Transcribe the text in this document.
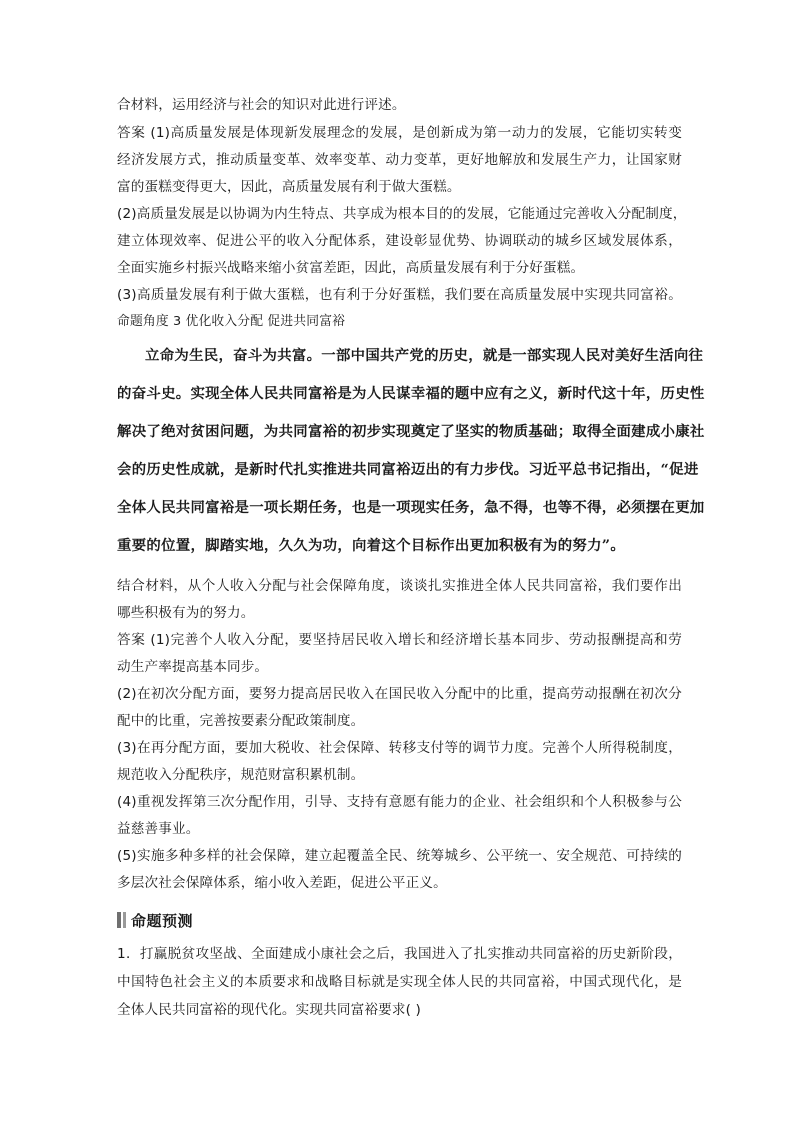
合材料，运用经济与社会的知识对此进行评述。
答案 (1)高质量发展是体现新发展理念的发展，是创新成为第一动力的发展，它能切实转变
经济发展方式，推动质量变革、效率变革、动力变革，更好地解放和发展生产力，让国家财
富的蛋糕变得更大，因此，高质量发展有利于做大蛋糕。
(2)高质量发展是以协调为内生特点、共享成为根本目的的发展，它能通过完善收入分配制度，
建立体现效率、促进公平的收入分配体系，建设彰显优势、协调联动的城乡区域发展体系，
全面实施乡村振兴战略来缩小贫富差距，因此，高质量发展有利于分好蛋糕。
(3)高质量发展有利于做大蛋糕，也有利于分好蛋糕，我们要在高质量发展中实现共同富裕。
命题角度 3 优化收入分配 促进共同富裕
立命为生民，奋斗为共富。一部中国共产党的历史，就是一部实现人民对美好生活向往
的奋斗史。实现全体人民共同富裕是为人民谋幸福的题中应有之义，新时代这十年，历史性
解决了绝对贫困问题，为共同富裕的初步实现奠定了坚实的物质基础；取得全面建成小康社
会的历史性成就，是新时代扎实推进共同富裕迈出的有力步伐。习近平总书记指出，“促进
全体人民共同富裕是一项长期任务，也是一项现实任务，急不得，也等不得，必须摆在更加
重要的位置，脚踏实地，久久为功，向着这个目标作出更加积极有为的努力”。
结合材料，从个人收入分配与社会保障角度，谈谈扎实推进全体人民共同富裕，我们要作出
哪些积极有为的努力。
答案 (1)完善个人收入分配，要坚持居民收入增长和经济增长基本同步、劳动报酬提高和劳
动生产率提高基本同步。
(2)在初次分配方面，要努力提高居民收入在国民收入分配中的比重，提高劳动报酬在初次分
配中的比重，完善按要素分配政策制度。
(3)在再分配方面，要加大税收、社会保障、转移支付等的调节力度。完善个人所得税制度，
规范收入分配秩序，规范财富积累机制。
(4)重视发挥第三次分配作用，引导、支持有意愿有能力的企业、社会组织和个人积极参与公
益慈善事业。
(5)实施多种多样的社会保障，建立起覆盖全民、统筹城乡、公平统一、安全规范、可持续的
多层次社会保障体系，缩小收入差距，促进公平正义。
命题预测
1．打赢脱贫攻坚战、全面建成小康社会之后，我国进入了扎实推动共同富裕的历史新阶段，
中国特色社会主义的本质要求和战略目标就是实现全体人民的共同富裕，中国式现代化，是
全体人民共同富裕的现代化。实现共同富裕要求( )
